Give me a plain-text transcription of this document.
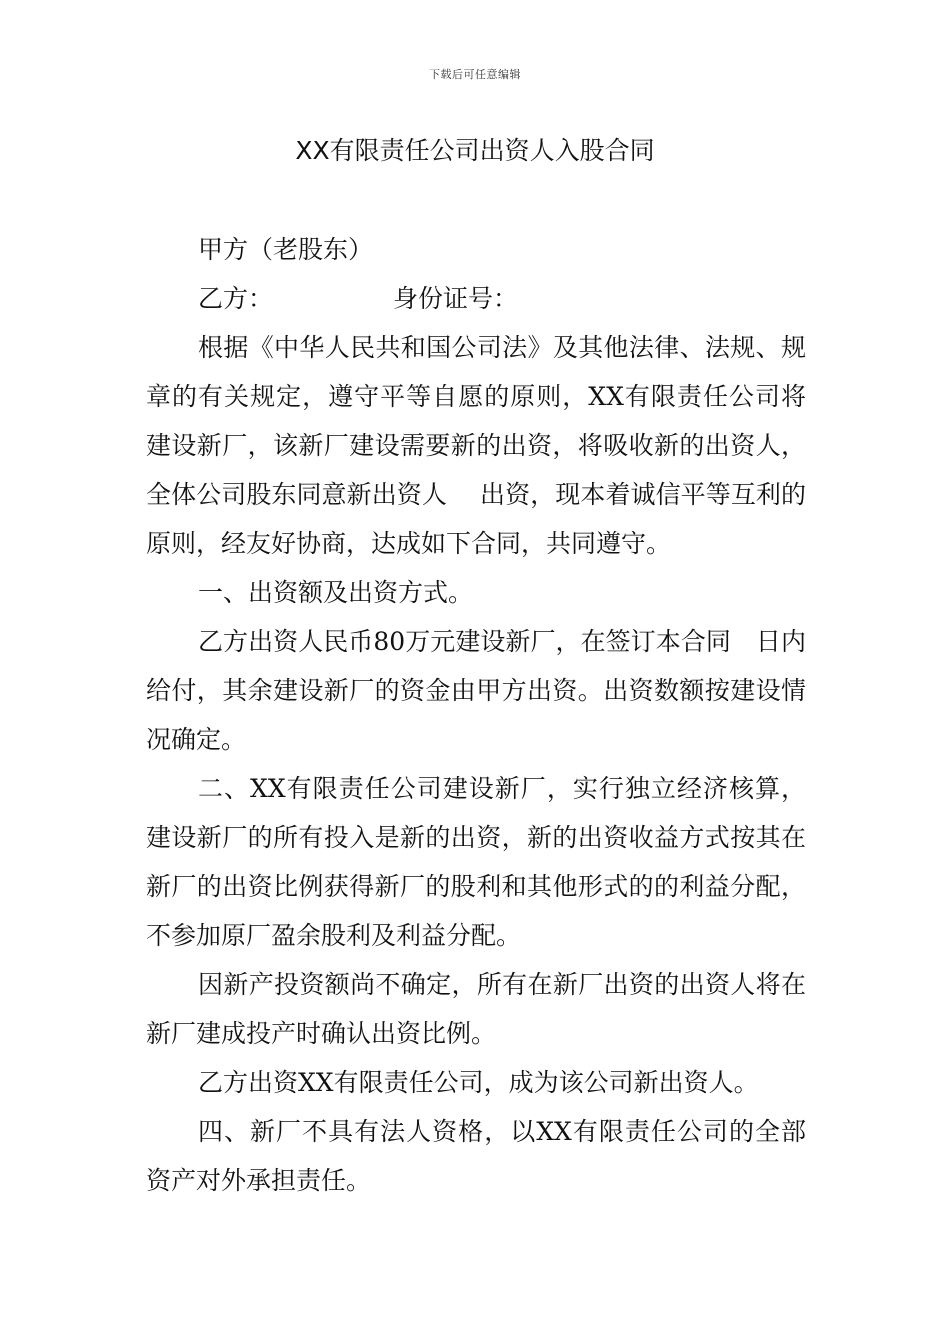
下载后可任意编辑
XX有限责任公司出资人入股合同
甲方（老股东）
乙方：	身份证号：

根据《中华人民共和国公司法》及其他法律、法规、规章的有关规定，遵守平等自愿的原则，XX有限责任公司将建设新厂，该新厂建设需要新的出资，将吸收新的出资人，全体公司股东同意新出资人　 出资，现本着诚信平等互利的原则，经友好协商，达成如下合同，共同遵守。

一、出资额及出资方式。

乙方出资人民币80万元建设新厂，在签订本合同　日内给付，其余建设新厂的资金由甲方出资。出资数额按建设情况确定。

二、XX有限责任公司建设新厂，实行独立经济核算，建设新厂的所有投入是新的出资，新的出资收益方式按其在新厂的出资比例获得新厂的股利和其他形式的的利益分配，不参加原厂盈余股利及利益分配。

因新产投资额尚不确定，所有在新厂出资的出资人将在新厂建成投产时确认出资比例。

乙方出资XX有限责任公司，成为该公司新出资人。

四、新厂不具有法人资格，以XX有限责任公司的全部资产对外承担责任。
